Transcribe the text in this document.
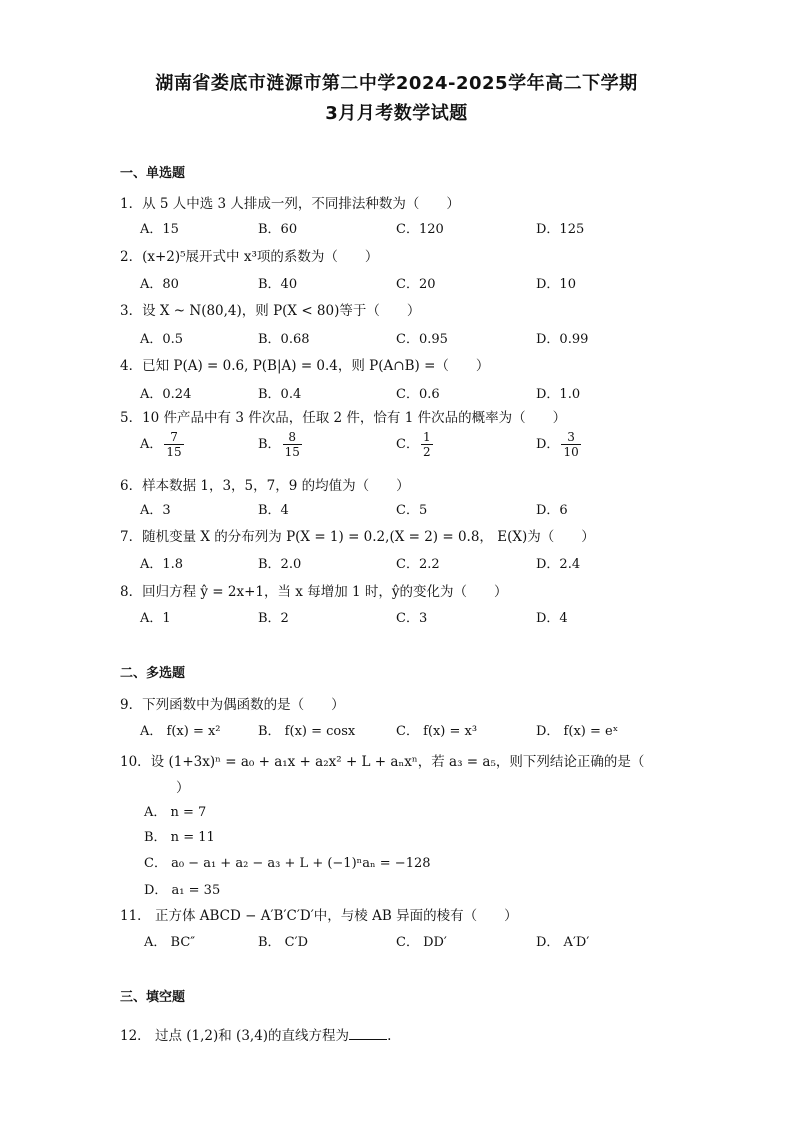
湖南省娄底市涟源市第二中学2024-2025学年高二下学期
3月月考数学试题
一、单选题
1．从 5 人中选 3 人排成一列，不同排法种数为（　　）
A．15	B．60	C．120	D．125
2．(x+2)⁵展开式中 x³项的系数为（　　）
A．80	B．40	C．20	D．10
3．设 X ~ N(80,4)，则 P(X < 80)等于（　　）
A．0.5	B．0.68	C．0.95	D．0.99
4．已知 P(A) = 0.6, P(B|A) = 0.4，则 P(A∩B) =（　　）
A．0.24	B．0.4	C．0.6	D．1.0
5．10 件产品中有 3 件次品，任取 2 件，恰有 1 件次品的概率为（　　）
A． $\frac{7}{15}$	B． $\frac{8}{15}$	C． $\frac{1}{2}$	D． $\frac{3}{10}$
6．样本数据 1，3，5，7，9 的均值为（　　）
A．3	B．4	C．5	D．6
7．随机变量 X 的分布列为 P(X = 1) = 0.2,(X = 2) = 0.8， E(X)为（　　）
A．1.8	B．2.0	C．2.2	D．2.4
8．回归方程 ŷ = 2x+1，当 x 每增加 1 时，ŷ的变化为（　　）
A．1	B．2	C．3	D．4
二、多选题
9．下列函数中为偶函数的是（　　）
A． f(x) = x²	B． f(x) = cosx	C． f(x) = x³	D． f(x) = eˣ
10．设 (1+3x)ⁿ = a₀ + a₁x + a₂x² + L + aₙxⁿ，若 a₃ = a₅，则下列结论正确的是（
）
A． n = 7
B． n = 11
C． a₀ − a₁ + a₂ − a₃ + L + (−1)ⁿaₙ = −128
D． a₁ = 35
11． 正方体 ABCD − A′B′C′D′中，与棱 AB 异面的棱有（　　）
A． BC″	B． C′D	C． DD′	D． A′D′
三、填空题
12． 过点 (1,2)和 (3,4)的直线方程为	.
